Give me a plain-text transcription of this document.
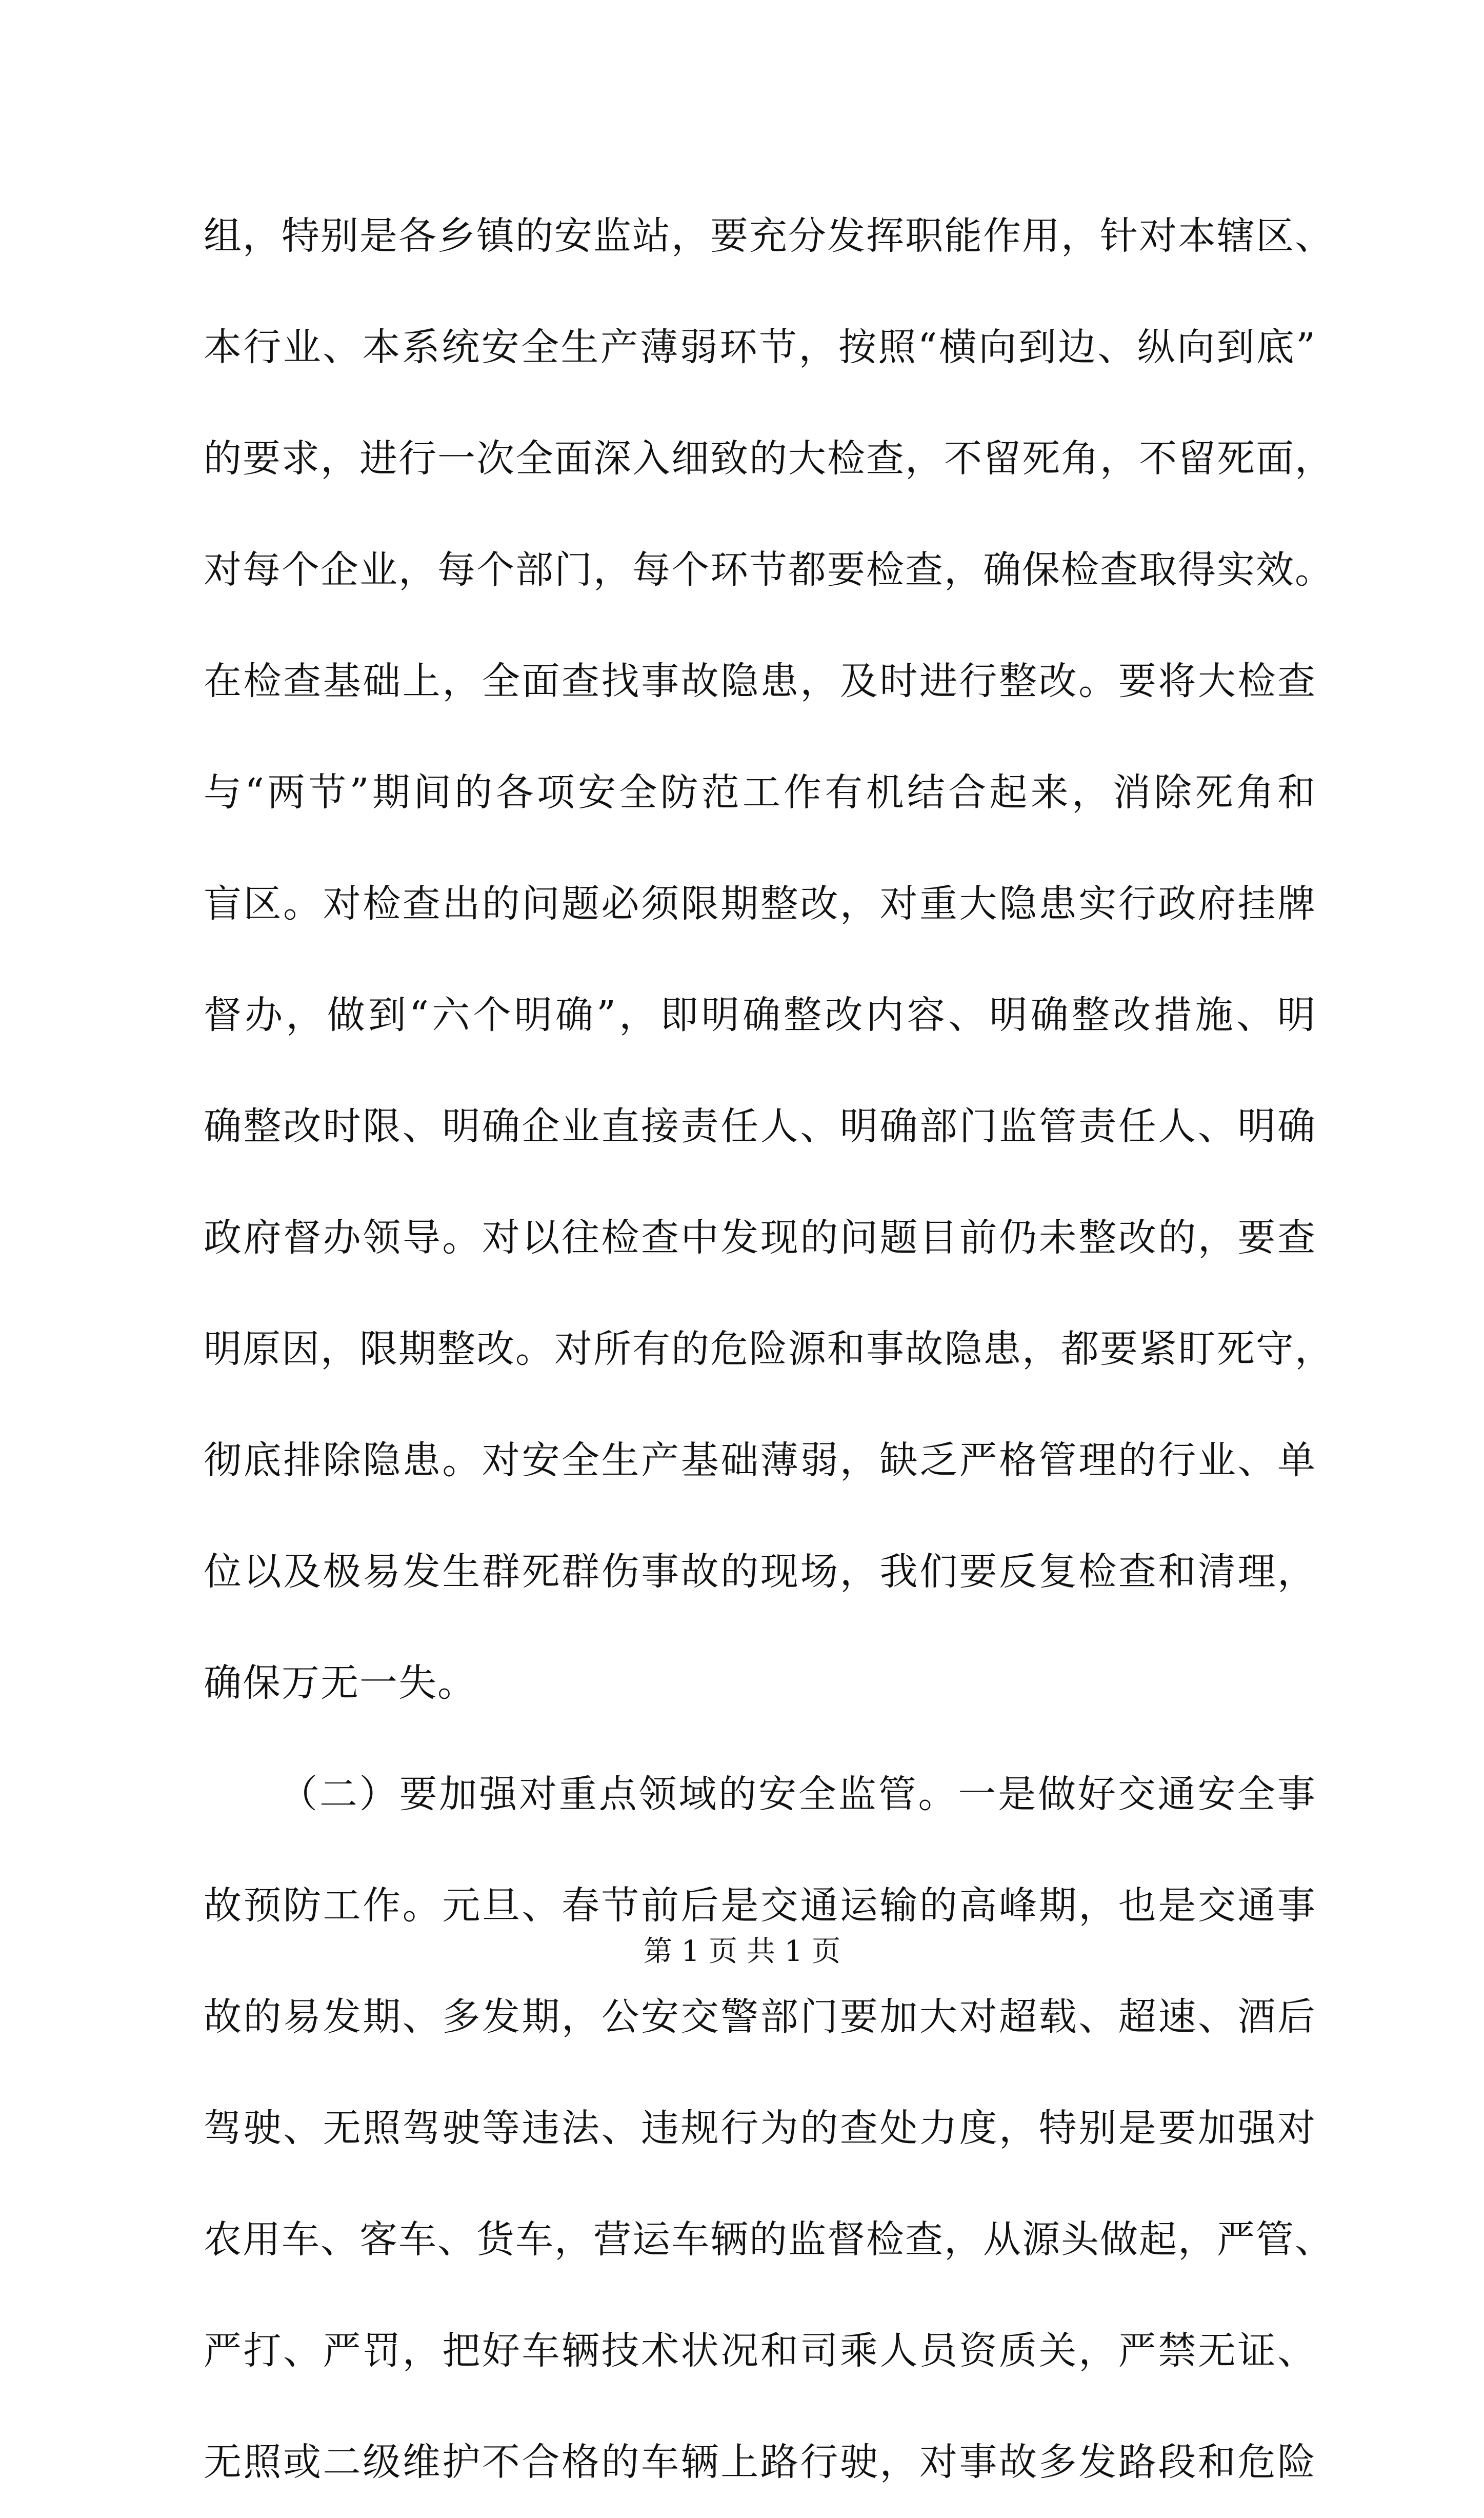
组，特别是各乡镇的安监站，要充分发挥职能作用，针对本辖区、
本行业、本系统安全生产薄弱环节，按照“横向到边、纵向到底”
的要求，进行一次全面深入细致的大检查，不留死角，不留死面，
对每个企业，每个部门，每个环节都要检查，确保检查取得实效。
在检查基础上，全面查找事故隐患，及时进行整改。要将大检查
与“两节”期间的各项安全防范工作有机结合起来，消除死角和
盲区。对检查出的问题必须限期整改，对重大隐患实行政府挂牌
督办，做到“六个明确”，即明确整改内容、明确整改措施、明
确整改时限、明确企业直接责任人、明确部门监管责任人、明确
政府督办领导。对以往检查中发现的问题目前仍未整改的，要查
明原因，限期整改。对所有的危险源和事故隐患，都要紧盯死守，
彻底排除隐患。对安全生产基础薄弱，缺乏严格管理的行业、单
位以及极易发生群死群伤事故的现场，我们要反复检查和清理，
确保万无一失。
（二）要加强对重点领域的安全监管。一是做好交通安全事
故预防工作。元旦、春节前后是交通运输的高峰期，也是交通事
故的易发期、多发期，公安交警部门要加大对超载、超速、酒后
驾驶、无照驾驶等违法、违规行为的查处力度，特别是要加强对
农用车、客车、货车，营运车辆的监督检查，从源头做起，严管、
严打、严罚，把好车辆技术状况和司乘人员资质关，严禁无证、
无照或二级维护不合格的车辆上路行驶，对事故多发路段和危险
第 1 页 共 1 页
